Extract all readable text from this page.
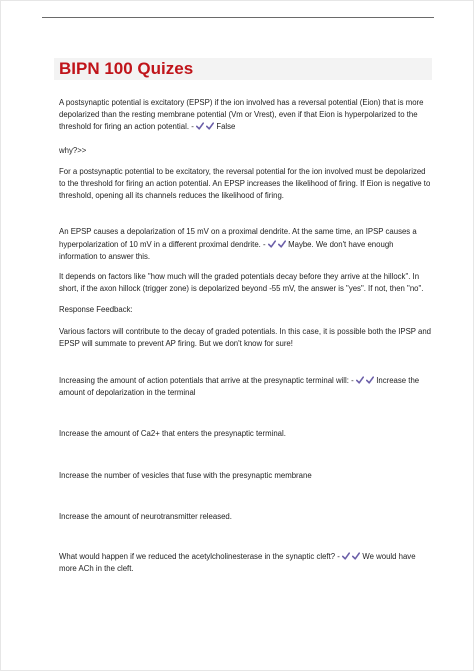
BIPN 100 Quizes

A postsynaptic potential is excitatory (EPSP) if the ion involved has a reversal potential (Eion) that is more depolarized than the resting membrane potential (Vm or Vrest), even if that Eion is hyperpolarized to the threshold for firing an action potential. -
	False

why?>>

For a postsynaptic potential to be excitatory, the reversal potential for the ion involved must be depolarized to the threshold for firing an action potential. An EPSP increases the likelihood of firing. If Eion is negative to threshold, opening all its channels reduces the likelihood of firing.

An EPSP causes a depolarization of 15 mV on a proximal dendrite. At the same time, an IPSP causes a hyperpolarization of 10 mV in a different proximal dendrite. -
	Maybe. We don't have enough information to answer this.

It depends on factors like "how much will the graded potentials decay before they arrive at the hillock". In short, if the axon hillock (trigger zone) is depolarized beyond -55 mV, the answer is "yes". If not, then "no".

Response Feedback:

Various factors will contribute to the decay of graded potentials. In this case, it is possible both the IPSP and EPSP will summate to prevent AP firing. But we don't know for sure!

Increasing the amount of action potentials that arrive at the presynaptic terminal will: -
	Increase the amount of depolarization in the terminal

Increase the amount of Ca2+ that enters the presynaptic terminal.

Increase the number of vesicles that fuse with the presynaptic membrane

Increase the amount of neurotransmitter released.

What would happen if we reduced the acetylcholinesterase in the synaptic cleft? -
	We would have more ACh in the cleft.
